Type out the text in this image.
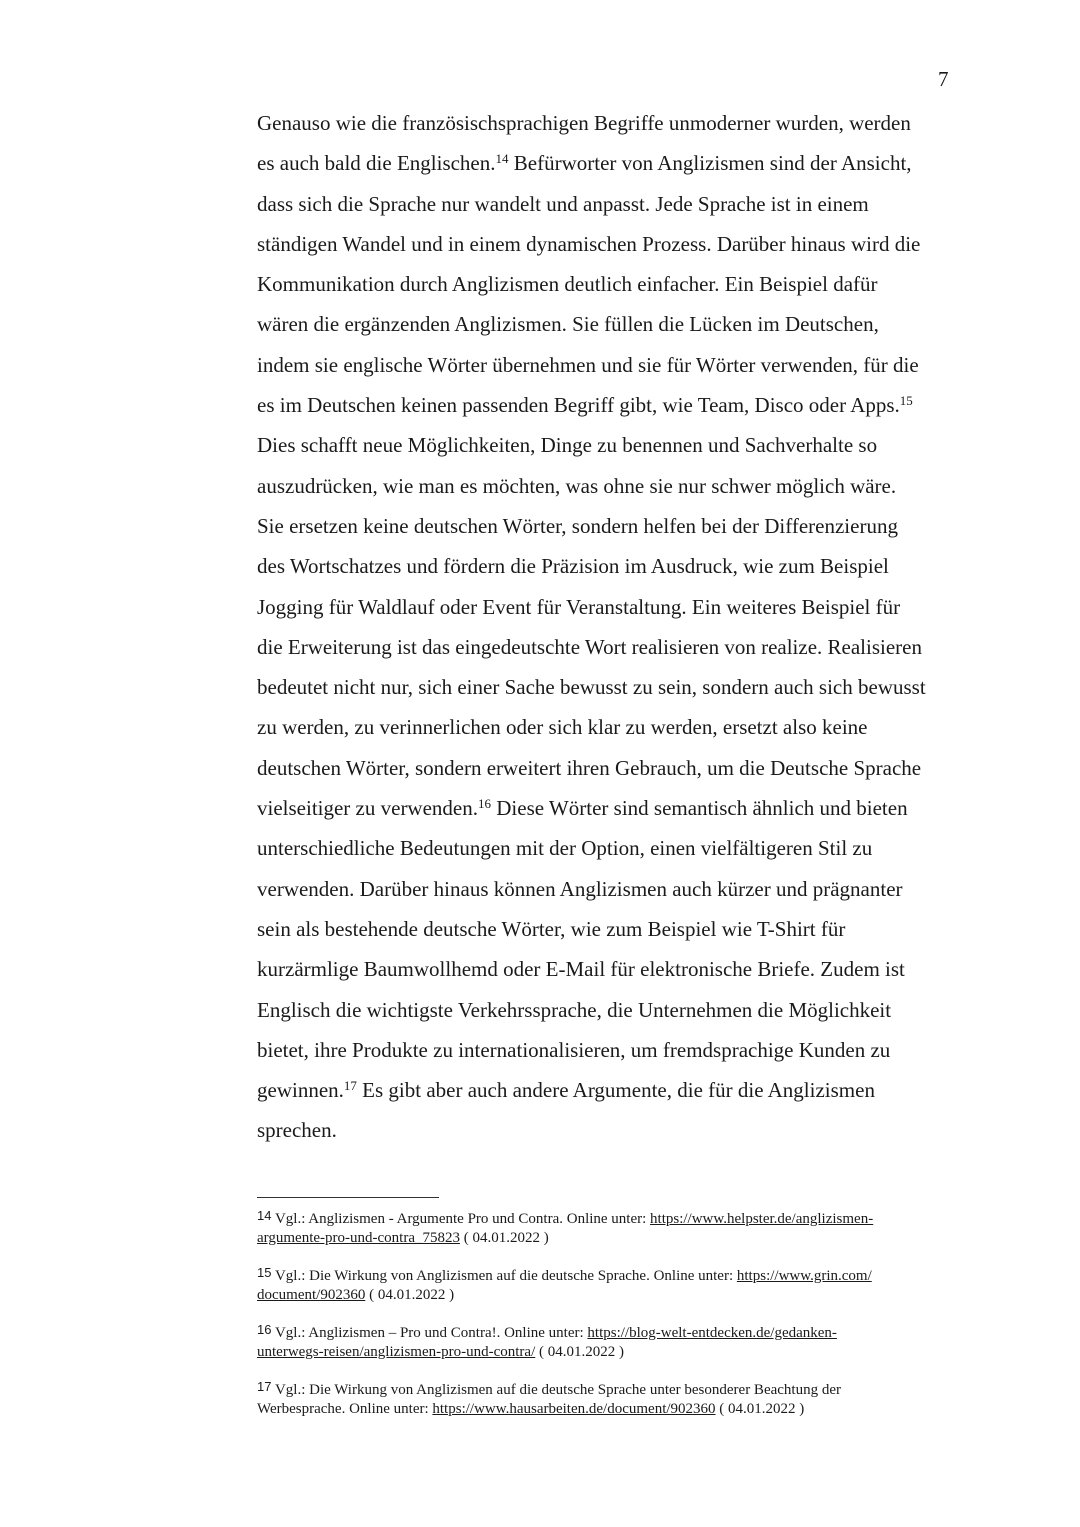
7
Genauso wie die französischsprachigen Begriffe unmoderner wurden, werden
es auch bald die Englischen.$^{14}$ Befürworter von Anglizismen sind der Ansicht,
dass sich die Sprache nur wandelt und anpasst. Jede Sprache ist in einem
ständigen Wandel und in einem dynamischen Prozess. Darüber hinaus wird die
Kommunikation durch Anglizismen deutlich einfacher. Ein Beispiel dafür
wären die ergänzenden Anglizismen. Sie füllen die Lücken im Deutschen,
indem sie englische Wörter übernehmen und sie für Wörter verwenden, für die
es im Deutschen keinen passenden Begriff gibt, wie Team, Disco oder Apps.$^{15}$
Dies schafft neue Möglichkeiten, Dinge zu benennen und Sachverhalte so
auszudrücken, wie man es möchten, was ohne sie nur schwer möglich wäre.
Sie ersetzen keine deutschen Wörter, sondern helfen bei der Differenzierung
des Wortschatzes und fördern die Präzision im Ausdruck, wie zum Beispiel
Jogging für Waldlauf oder Event für Veranstaltung. Ein weiteres Beispiel für
die Erweiterung ist das eingedeutschte Wort realisieren von realize. Realisieren
bedeutet nicht nur, sich einer Sache bewusst zu sein, sondern auch sich bewusst
zu werden, zu verinnerlichen oder sich klar zu werden, ersetzt also keine
deutschen Wörter, sondern erweitert ihren Gebrauch, um die Deutsche Sprache
vielseitiger zu verwenden.$^{16}$ Diese Wörter sind semantisch ähnlich und bieten
unterschiedliche Bedeutungen mit der Option, einen vielfältigeren Stil zu
verwenden. Darüber hinaus können Anglizismen auch kürzer und prägnanter
sein als bestehende deutsche Wörter, wie zum Beispiel wie T-Shirt für
kurzärmlige Baumwollhemd oder E-Mail für elektronische Briefe. Zudem ist
Englisch die wichtigste Verkehrssprache, die Unternehmen die Möglichkeit
bietet, ihre Produkte zu internationalisieren, um fremdsprachige Kunden zu
gewinnen.$^{17}$ Es gibt aber auch andere Argumente, die für die Anglizismen
sprechen.
14 Vgl.: Anglizismen - Argumente Pro und Contra. Online unter: https://www.helpster.de/anglizismen-
argumente-pro-und-contra_75823 ( 04.01.2022 )
15 Vgl.: Die Wirkung von Anglizismen auf die deutsche Sprache. Online unter: https://www.grin.com/
document/902360 ( 04.01.2022 )
16 Vgl.: Anglizismen – Pro und Contra!. Online unter: https://blog-welt-entdecken.de/gedanken-
unterwegs-reisen/anglizismen-pro-und-contra/ ( 04.01.2022 )
17 Vgl.: Die Wirkung von Anglizismen auf die deutsche Sprache unter besonderer Beachtung der
Werbesprache. Online unter: https://www.hausarbeiten.de/document/902360 ( 04.01.2022 )
